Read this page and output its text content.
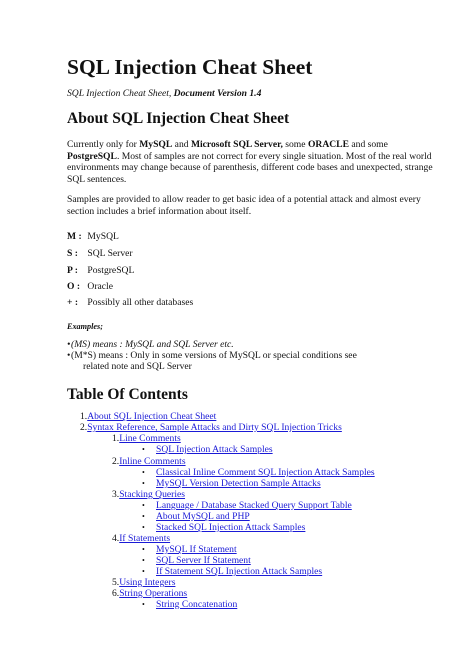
SQL Injection Cheat Sheet

SQL Injection Cheat Sheet, Document Version 1.4

About SQL Injection Cheat Sheet

Currently only for MySQL and Microsoft SQL Server, some ORACLE and some PostgreSQL. Most of samples are not correct for every single situation. Most of the real world environments may change because of parenthesis, different code bases and unexpected, strange SQL sentences.

Samples are provided to allow reader to get basic idea of a potential attack and almost every section includes a brief information about itself.

M : MySQL
S : SQL Server
P : PostgreSQL
O : Oracle
+ : Possibly all other databases
Examples;
•(MS) means : MySQL and SQL Server etc.
•(M*S) means : Only in some versions of MySQL or special conditions see
related note and SQL Server
Table Of Contents
1.About SQL Injection Cheat Sheet
2.Syntax Reference, Sample Attacks and Dirty SQL Injection Tricks
1.Line Comments
• SQL Injection Attack Samples
2.Inline Comments
• Classical Inline Comment SQL Injection Attack Samples
• MySQL Version Detection Sample Attacks
3.Stacking Queries
• Language / Database Stacked Query Support Table
• About MySQL and PHP
• Stacked SQL Injection Attack Samples
4.If Statements
• MySQL If Statement
• SQL Server If Statement
• If Statement SQL Injection Attack Samples
5.Using Integers
6.String Operations
• String Concatenation
